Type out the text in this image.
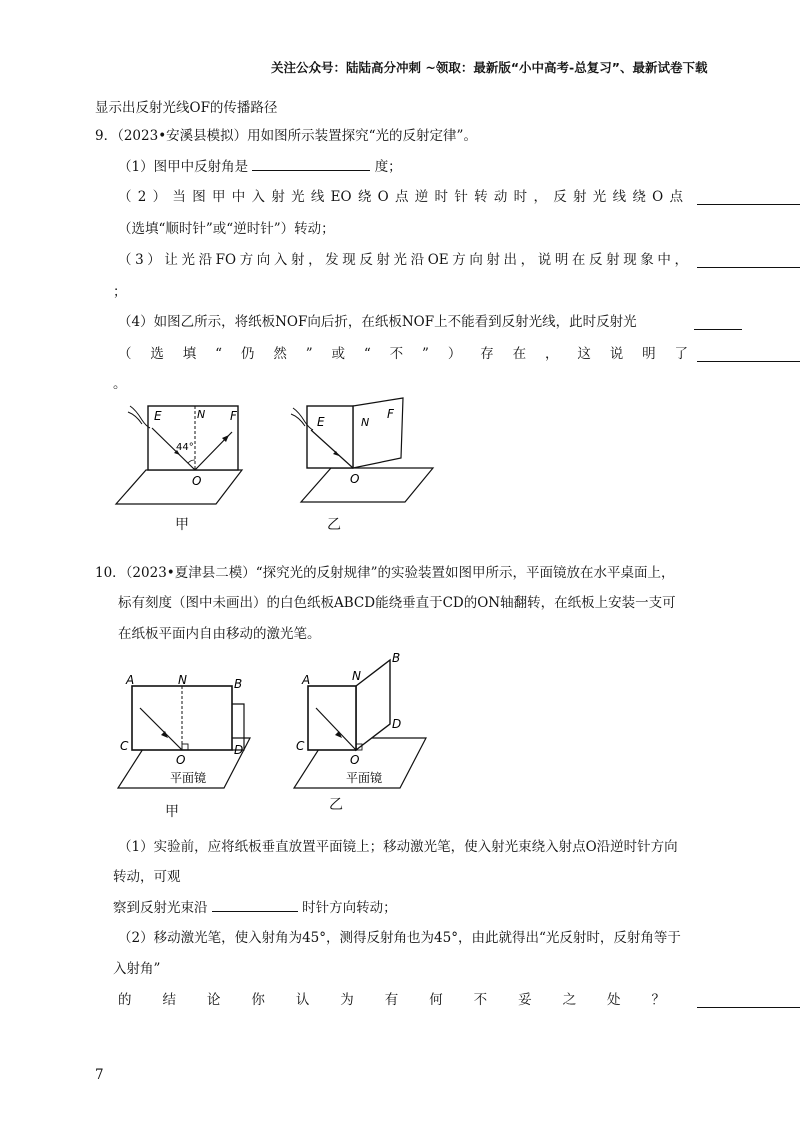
关注公众号：陆陆高分冲刺 ~领取：最新版“小中高考-总复习”、最新试卷下载
显示出反射光线OF的传播路径
9．（2023•安溪县模拟）用如图所示装置探究“光的反射定律”。
（1）图甲中反射角是	度；
（2）当图甲中入射光线EO绕O点逆时针转动时，反射光线绕O点
（选填“顺时针”或“逆时针”）转动；
（3）让光沿FO方向入射，发现反射光沿OE方向射出，说明在反射现象中，
；
（4）如图乙所示，将纸板NOF向后折，在纸板NOF上不能看到反射光线，此时反射光
（选填“仍然”或“不”）存在，这说明了
。
E	F
N
O
44°
甲
E
F
N
O
乙
10．（2023•夏津县二模）“探究光的反射规律”的实验装置如图甲所示，平面镜放在水平桌面上，
标有刻度（图中未画出）的白色纸板ABCD能绕垂直于CD的ON轴翻转，在纸板上安装一支可
在纸板平面内自由移动的激光笔。
A	N	B
C	D
O
平面镜
甲
A	N
B
C
D
O
平面镜
乙
（1）实验前，应将纸板垂直放置平面镜上；移动激光笔，使入射光束绕入射点O沿逆时针方向
转动，可观
察到反射光束沿	时针方向转动；
（2）移动激光笔，使入射角为45°，测得反射角也为45°，由此就得出“光反射时，反射角等于
入射角”
的结论你认为有何不妥之处？
7
